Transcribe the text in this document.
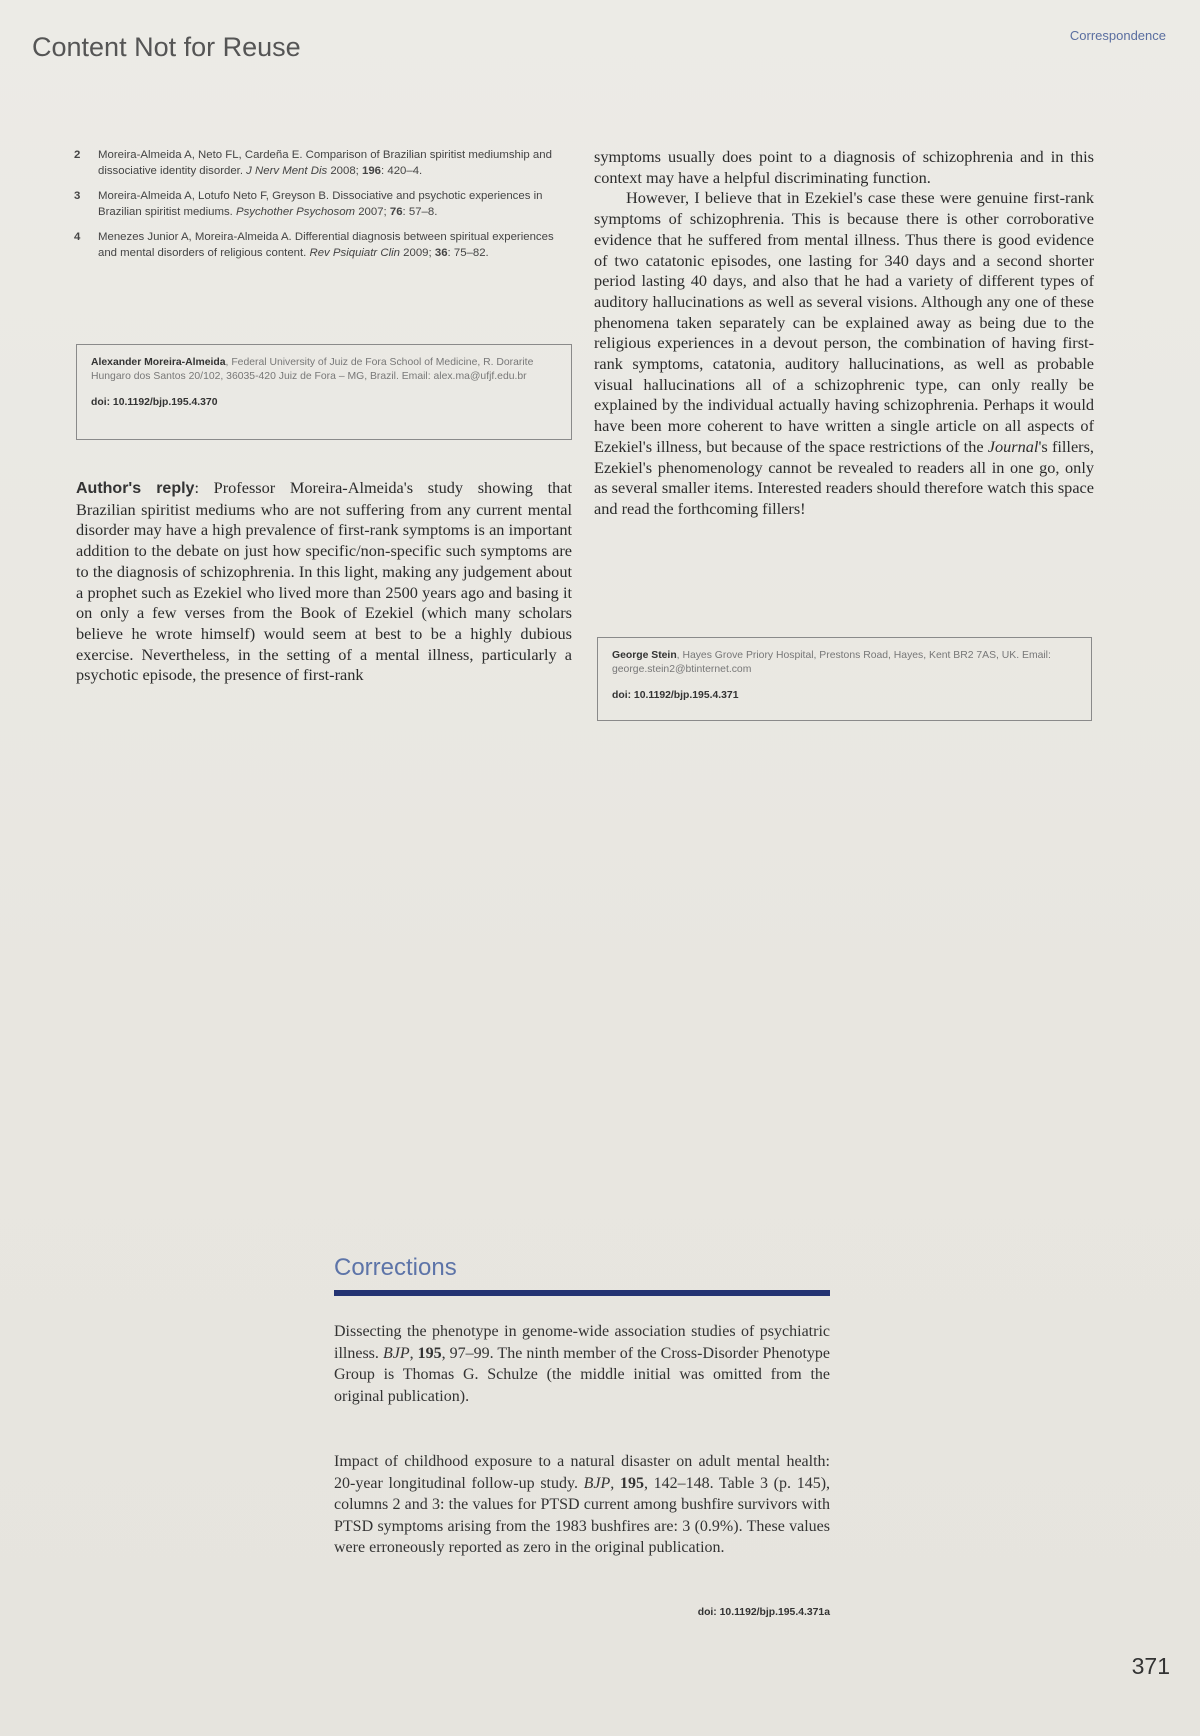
Content Not for Reuse	Correspondence
2	Moreira-Almeida A, Neto FL, Cardeña E. Comparison of Brazilian spiritist mediumship and dissociative identity disorder. J Nerv Ment Dis 2008; 196: 420–4.
3	Moreira-Almeida A, Lotufo Neto F, Greyson B. Dissociative and psychotic experiences in Brazilian spiritist mediums. Psychother Psychosom 2007; 76: 57–8.
4	Menezes Junior A, Moreira-Almeida A. Differential diagnosis between spiritual experiences and mental disorders of religious content. Rev Psiquiatr Clin 2009; 36: 75–82.
Alexander Moreira-Almeida, Federal University of Juiz de Fora School of Medicine, R. Dorarite Hungaro dos Santos 20/102, 36035-420 Juiz de Fora – MG, Brazil. Email: alex.ma@ufjf.edu.br
doi: 10.1192/bjp.195.4.370

Author's reply: Professor Moreira-Almeida's study showing that Brazilian spiritist mediums who are not suffering from any current mental disorder may have a high prevalence of first-rank symptoms is an important addition to the debate on just how specific/non-specific such symptoms are to the diagnosis of schizophrenia. In this light, making any judgement about a prophet such as Ezekiel who lived more than 2500 years ago and basing it on only a few verses from the Book of Ezekiel (which many scholars believe he wrote himself) would seem at best to be a highly dubious exercise. Nevertheless, in the setting of a mental illness, particularly a psychotic episode, the presence of first-rank

symptoms usually does point to a diagnosis of schizophrenia and in this context may have a helpful discriminating function.

However, I believe that in Ezekiel's case these were genuine first-rank symptoms of schizophrenia. This is because there is other corroborative evidence that he suffered from mental illness. Thus there is good evidence of two catatonic episodes, one lasting for 340 days and a second shorter period lasting 40 days, and also that he had a variety of different types of auditory hallucinations as well as several visions. Although any one of these phenomena taken separately can be explained away as being due to the religious experiences in a devout person, the combination of having first-rank symptoms, catatonia, auditory hallucinations, as well as probable visual hallucinations all of a schizophrenic type, can only really be explained by the individual actually having schizophrenia. Perhaps it would have been more coherent to have written a single article on all aspects of Ezekiel's illness, but because of the space restrictions of the Journal's fillers, Ezekiel's phenomenology cannot be revealed to readers all in one go, only as several smaller items. Interested readers should therefore watch this space and read the forthcoming fillers!

George Stein, Hayes Grove Priory Hospital, Prestons Road, Hayes, Kent BR2 7AS, UK. Email: george.stein2@btinternet.com
doi: 10.1192/bjp.195.4.371
Corrections

Dissecting the phenotype in genome-wide association studies of psychiatric illness. BJP, 195, 97–99. The ninth member of the Cross-Disorder Phenotype Group is Thomas G. Schulze (the middle initial was omitted from the original publication).

Impact of childhood exposure to a natural disaster on adult mental health: 20-year longitudinal follow-up study. BJP, 195, 142–148. Table 3 (p. 145), columns 2 and 3: the values for PTSD current among bushfire survivors with PTSD symptoms arising from the 1983 bushfires are: 3 (0.9%). These values were erroneously reported as zero in the original publication.

doi: 10.1192/bjp.195.4.371a
371
